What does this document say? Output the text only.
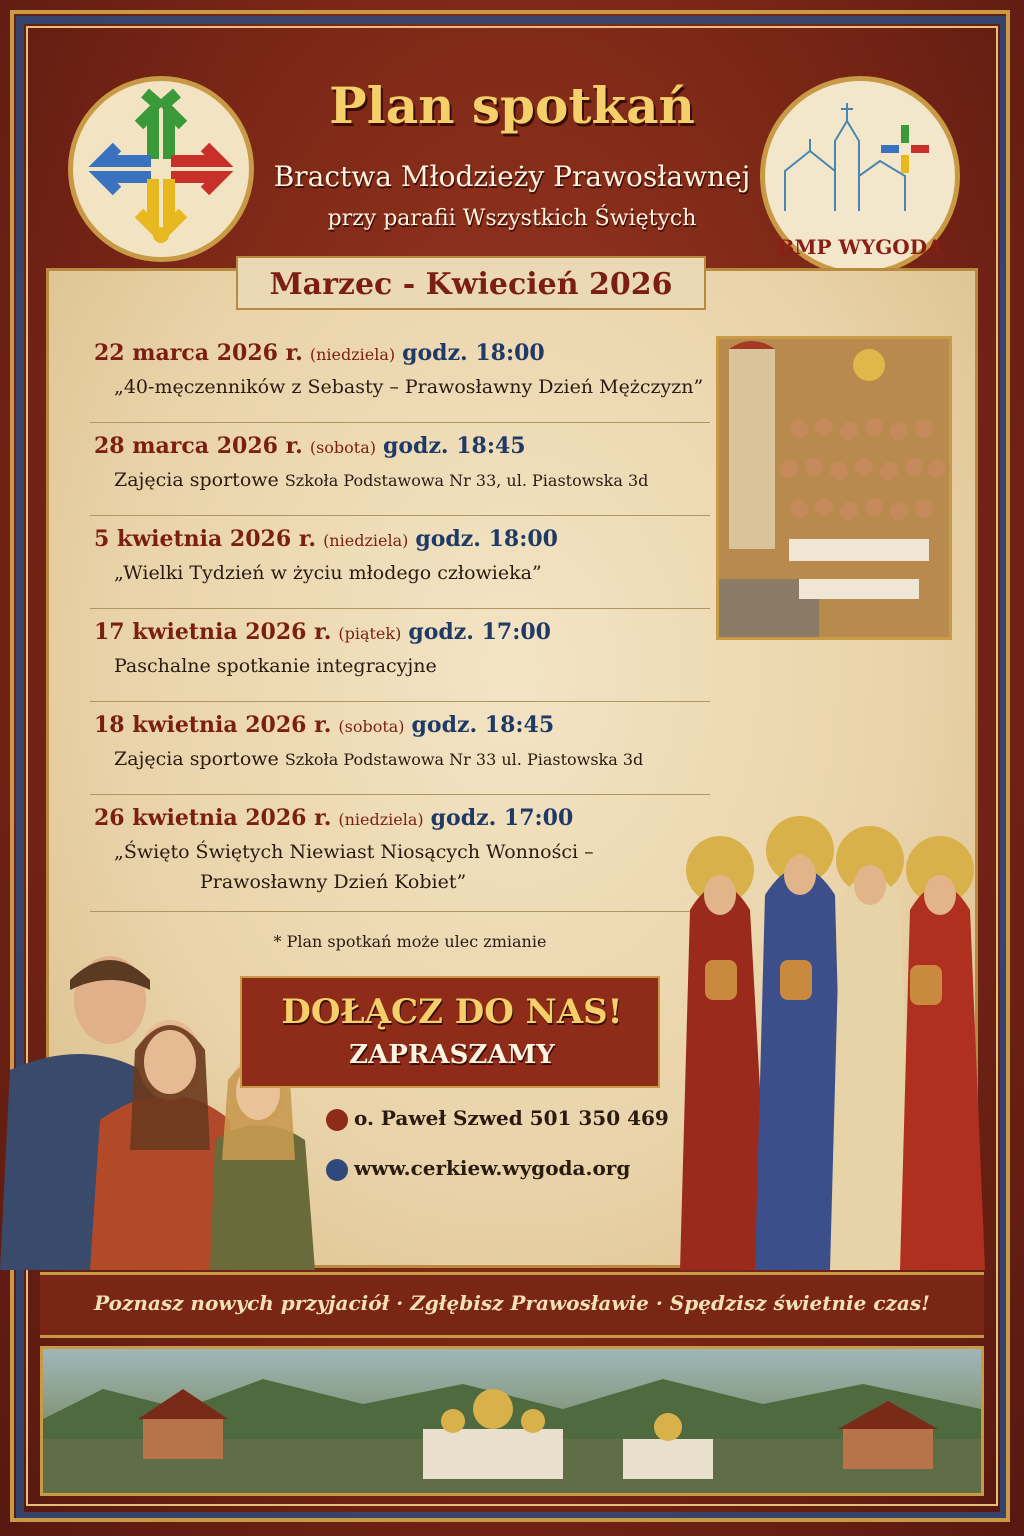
BMP WYGODA
Plan spotkań
Bractwa Młodzieży Prawosławnej
przy parafii Wszystkich Świętych
Marzec - Kwiecień 2026
22 marca 2026 r. (niedziela) godz. 18:00
„40-męczenników z Sebasty – Prawosławny Dzień Mężczyzn”
28 marca 2026 r. (sobota) godz. 18:45
Zajęcia sportowe Szkoła Podstawowa Nr 33, ul. Piastowska 3d
5 kwietnia 2026 r. (niedziela) godz. 18:00
„Wielki Tydzień w życiu młodego człowieka”
17 kwietnia 2026 r. (piątek) godz. 17:00
Paschalne spotkanie integracyjne
18 kwietnia 2026 r. (sobota) godz. 18:45
Zajęcia sportowe Szkoła Podstawowa Nr 33 ul. Piastowska 3d
26 kwietnia 2026 r. (niedziela) godz. 17:00
„Święto Świętych Niewiast Niosących Wonności –
Prawosławny Dzień Kobiet”
* Plan spotkań może ulec zmianie
DOŁĄCZ DO NAS!
ZAPRASZAMY
o. Paweł Szwed 501 350 469
www.cerkiew.wygoda.org
Poznasz nowych przyjaciół · Zgłębisz Prawosławie · Spędzisz świetnie czas!
